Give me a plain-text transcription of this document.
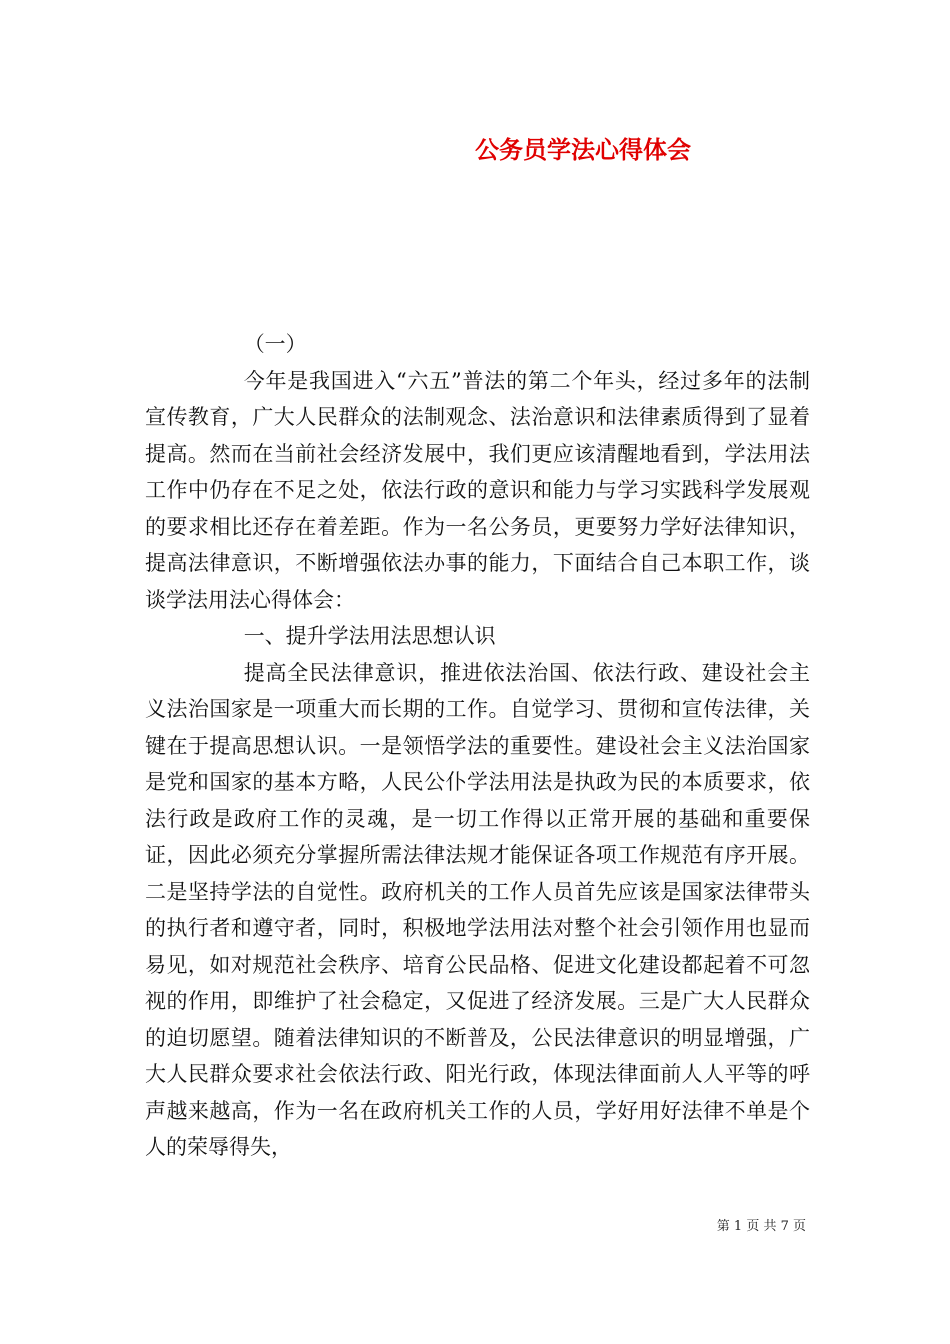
公务员学法心得体会

（一）

今年是我国进入“六五”普法的第二个年头，经过多年的法制宣传教育，广大人民群众的法制观念、法治意识和法律素质得到了显着提高。然而在当前社会经济发展中，我们更应该清醒地看到，学法用法工作中仍存在不足之处，依法行政的意识和能力与学习实践科学发展观的要求相比还存在着差距。作为一名公务员，更要努力学好法律知识，提高法律意识，不断增强依法办事的能力，下面结合自己本职工作，谈谈学法用法心得体会：

一、提升学法用法思想认识

提高全民法律意识，推进依法治国、依法行政、建设社会主义法治国家是一项重大而长期的工作。自觉学习、贯彻和宣传法律，关键在于提高思想认识。一是领悟学法的重要性。建设社会主义法治国家是党和国家的基本方略，人民公仆学法用法是执政为民的本质要求，依法行政是政府工作的灵魂，是一切工作得以正常开展的基础和重要保证，因此必须充分掌握所需法律法规才能保证各项工作规范有序开展。二是坚持学法的自觉性。政府机关的工作人员首先应该是国家法律带头的执行者和遵守者，同时，积极地学法用法对整个社会引领作用也显而易见，如对规范社会秩序、培育公民品格、促进文化建设都起着不可忽视的作用，即维护了社会稳定，又促进了经济发展。三是广大人民群众的迫切愿望。随着法律知识的不断普及，公民法律意识的明显增强，广大人民群众要求社会依法行政、阳光行政，体现法律面前人人平等的呼声越来越高，作为一名在政府机关工作的人员，学好用好法律不单是个人的荣辱得失，

第 1 页 共 7 页
